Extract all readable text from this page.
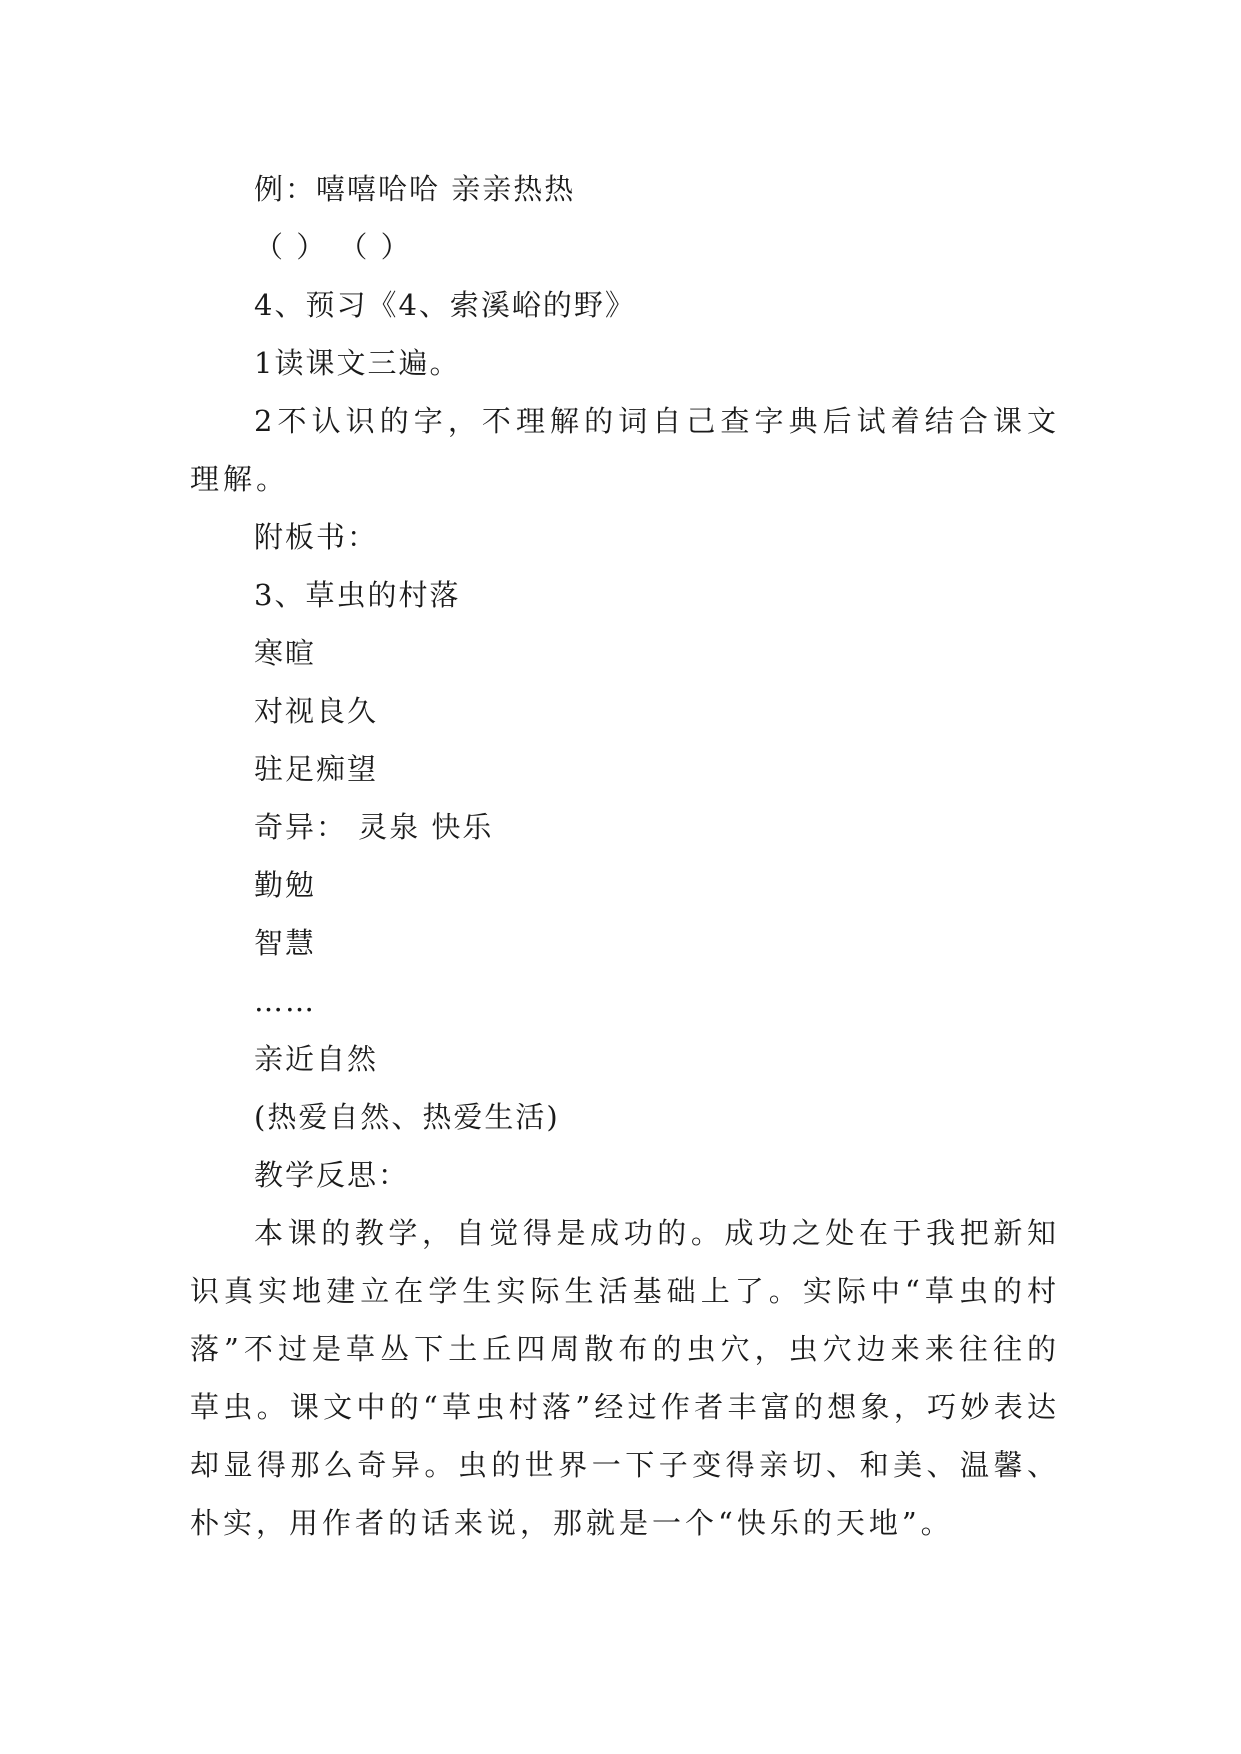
例：嘻嘻哈哈 亲亲热热
（ ） （ ）
4、预习《4、索溪峪的野》
1读课文三遍。

2不认识的字，不理解的词自己查字典后试着结合课文理解。

附板书：
3、草虫的村落
寒暄
对视良久
驻足痴望
奇异： 灵泉 快乐
勤勉
智慧
……
亲近自然
(热爱自然、热爱生活)
教学反思：

本课的教学，自觉得是成功的。成功之处在于我把新知识真实地建立在学生实际生活基础上了。实际中“草虫的村落”不过是草丛下土丘四周散布的虫穴，虫穴边来来往往的草虫。课文中的“草虫村落”经过作者丰富的想象，巧妙表达却显得那么奇异。虫的世界一下子变得亲切、和美、温馨、朴实，用作者的话来说，那就是一个“快乐的天地”。
